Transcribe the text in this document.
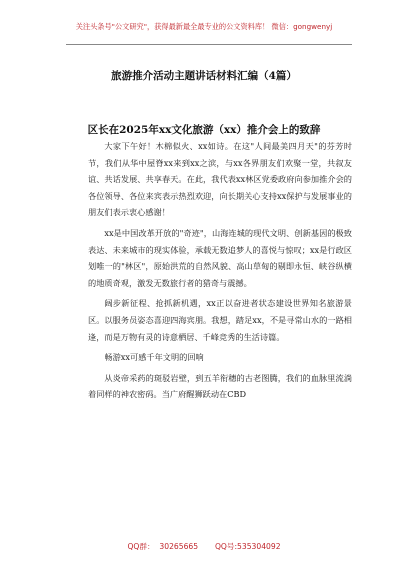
关注头条号"公文研究"，获得最新最全最专业的公文资料库！ 微信：gongwenyj
旅游推介活动主题讲话材料汇编（4篇）
区长在2025年xx文化旅游（xx）推介会上的致辞

大家下午好！木棉似火、xx如诗。在这"人间最美四月天"的芬芳时节，我们从华中屋脊xx来到xx之滨，与xx各界朋友们欢聚一堂，共叙友谊、共话发展、共享春天。在此，我代表xx林区党委政府向参加推介会的各位领导、各位来宾表示热烈欢迎，向长期关心支持xx保护与发展事业的朋友们表示衷心感谢！

xx是中国改革开放的"奇迹"，山海连城的现代文明、创新基因的极致表达、未来城市的现实体验，承载无数追梦人的喜悦与惊叹；xx是行政区划唯一的"林区"，原始洪荒的自然风貌、高山草甸的剔即永恒、峡谷纵横的地质奇观，激发无数旅行者的猎奇与震撼。

阔步新征程、抢抓新机遇，xx正以奋进者状态建设世界知名旅游景区。以服务员姿态喜迎四海宾朋。我想，踏足xx，不是寻常山水的一路相逢，而是万物有灵的诗意栖居、千峰竞秀的生活诗篇。

畅游xx可感千年文明的回响

从炎帝采药的斑驳岩壁，到五羊衔穗的古老图腾，我们的血脉里流淌着同样的神农密码。当广府醒狮跃动在CBD

QQ群：  30265665       QQ号:535304092
